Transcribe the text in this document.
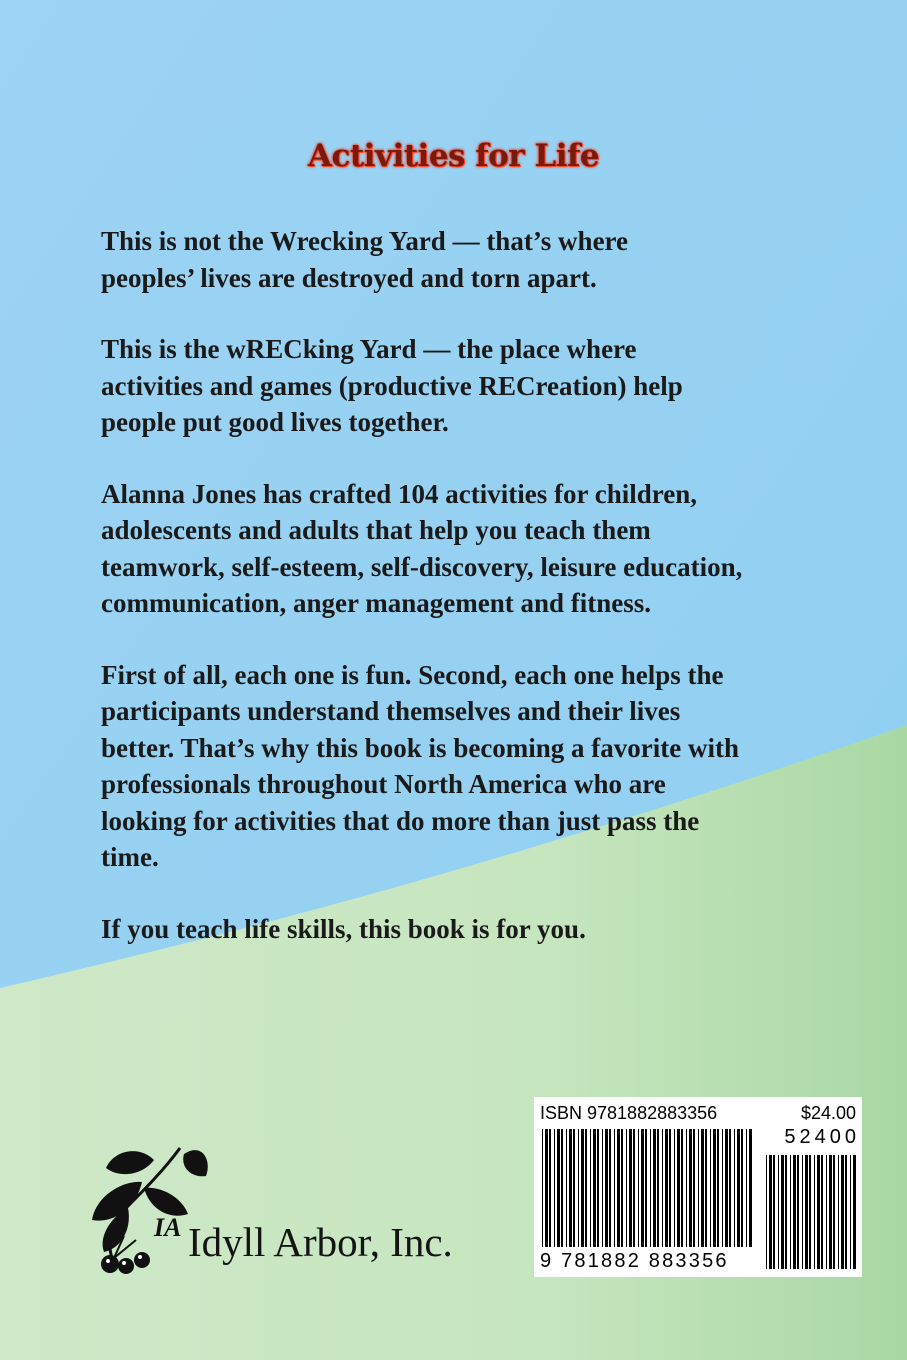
Activities for Life

This is not the Wrecking Yard — that’s where peoples’ lives are destroyed and torn apart.

This is the wRECking Yard — the place where activities and games (productive RECreation) help people put good lives together.

Alanna Jones has crafted 104 activities for children, adolescents and adults that help you teach them teamwork, self-esteem, self-discovery, leisure education, communication, anger management and fitness.

First of all, each one is fun. Second, each one helps the participants understand themselves and their lives better. That’s why this book is becoming a favorite with professionals throughout North America who are looking for activities that do more than just pass the time.

If you teach life skills, this book is for you.

IA Idyll Arbor, Inc.
ISBN 9781882883356	$24.00
52400
9 781882 883356
